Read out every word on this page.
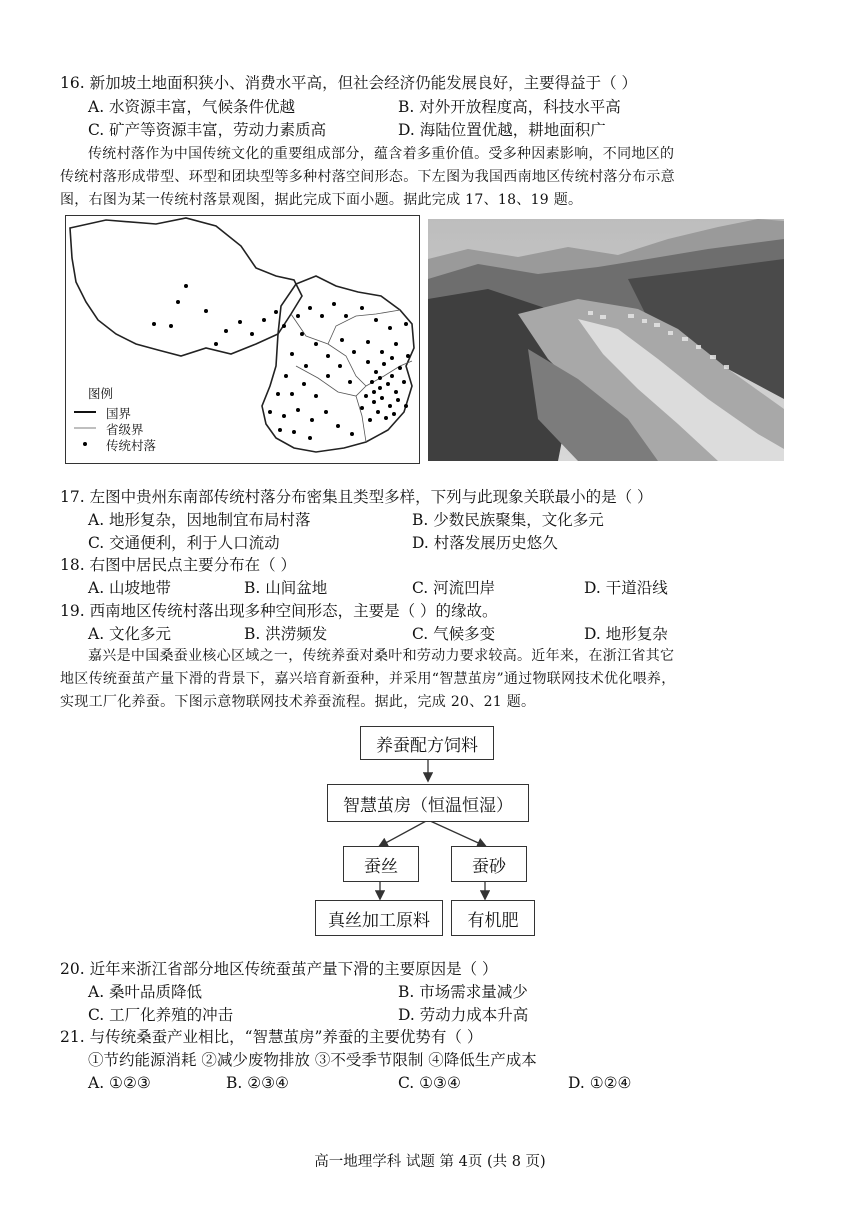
16. 新加坡土地面积狭小、消费水平高，但社会经济仍能发展良好，主要得益于（ ）
A. 水资源丰富，气候条件优越	B. 对外开放程度高，科技水平高
C. 矿产等资源丰富，劳动力素质高	D. 海陆位置优越，耕地面积广
传统村落作为中国传统文化的重要组成部分，蕴含着多重价值。受多种因素影响，不同地区的
传统村落形成带型、环型和团块型等多种村落空间形态。下左图为我国西南地区传统村落分布示意
图，右图为某一传统村落景观图，据此完成下面小题。据此完成 17、18、19 题。
图例
国界
省级界
传统村落
17. 左图中贵州东南部传统村落分布密集且类型多样，下列与此现象关联最小的是（ ）
A. 地形复杂，因地制宜布局村落	B. 少数民族聚集，文化多元
C. 交通便利，利于人口流动	D. 村落发展历史悠久
18. 右图中居民点主要分布在（ ）
A. 山坡地带	B. 山间盆地	C. 河流凹岸	D. 干道沿线
19. 西南地区传统村落出现多种空间形态，主要是（ ）的缘故。
A. 文化多元	B. 洪涝频发	C. 气候多变	D. 地形复杂
嘉兴是中国桑蚕业核心区域之一，传统养蚕对桑叶和劳动力要求较高。近年来，在浙江省其它
地区传统蚕茧产量下滑的背景下，嘉兴培育新蚕种，并采用“智慧茧房”通过物联网技术优化喂养，
实现工厂化养蚕。下图示意物联网技术养蚕流程。据此，完成 20、21 题。
养蚕配方饲料
智慧茧房（恒温恒湿）
蚕丝	蚕砂
真丝加工原料	有机肥
20. 近年来浙江省部分地区传统蚕茧产量下滑的主要原因是（ ）
A. 桑叶品质降低	B. 市场需求量减少
C. 工厂化养殖的冲击	D. 劳动力成本升高
21. 与传统桑蚕产业相比，“智慧茧房”养蚕的主要优势有（ ）
①节约能源消耗 ②减少废物排放 ③不受季节限制 ④降低生产成本
A. ①②③	B. ②③④	C. ①③④	D. ①②④
高一地理学科 试题 第 4页 (共 8 页)
